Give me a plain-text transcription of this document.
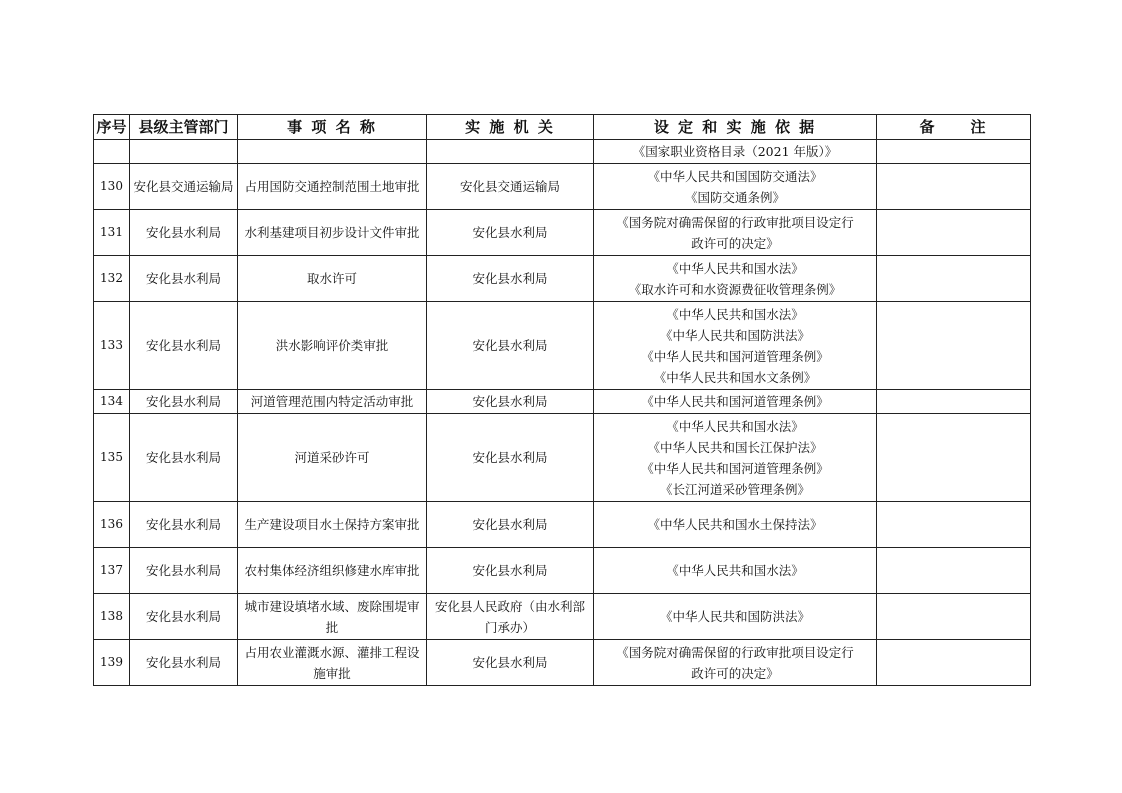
序号	县级主管部门	事 项 名 称	实 施 机 关	设 定 和 实 施 依 据	备　　注

				《国家职业资格目录（2021 年版）》	

130	安化县交通运输局	占用国防交通控制范围土地审批	安化县交通运输局	《中华人民共和国国防交通法》
《国防交通条例》	

131	安化县水利局	水利基建项目初步设计文件审批	安化县水利局	《国务院对确需保留的行政审批项目设定行
政许可的决定》	

132	安化县水利局	取水许可	安化县水利局	《中华人民共和国水法》
《取水许可和水资源费征收管理条例》	

133	安化县水利局	洪水影响评价类审批	安化县水利局	《中华人民共和国水法》
《中华人民共和国防洪法》
《中华人民共和国河道管理条例》
《中华人民共和国水文条例》	

134	安化县水利局	河道管理范围内特定活动审批	安化县水利局	《中华人民共和国河道管理条例》	

135	安化县水利局	河道采砂许可	安化县水利局	《中华人民共和国水法》
《中华人民共和国长江保护法》
《中华人民共和国河道管理条例》
《长江河道采砂管理条例》	

136	安化县水利局	生产建设项目水土保持方案审批	安化县水利局	《中华人民共和国水土保持法》	

137	安化县水利局	农村集体经济组织修建水库审批	安化县水利局	《中华人民共和国水法》	

138	安化县水利局	城市建设填堵水域、废除围堤审批	安化县人民政府（由水利部门承办）	《中华人民共和国防洪法》	

139	安化县水利局	占用农业灌溉水源、灌排工程设施审批	安化县水利局	《国务院对确需保留的行政审批项目设定行
政许可的决定》	
